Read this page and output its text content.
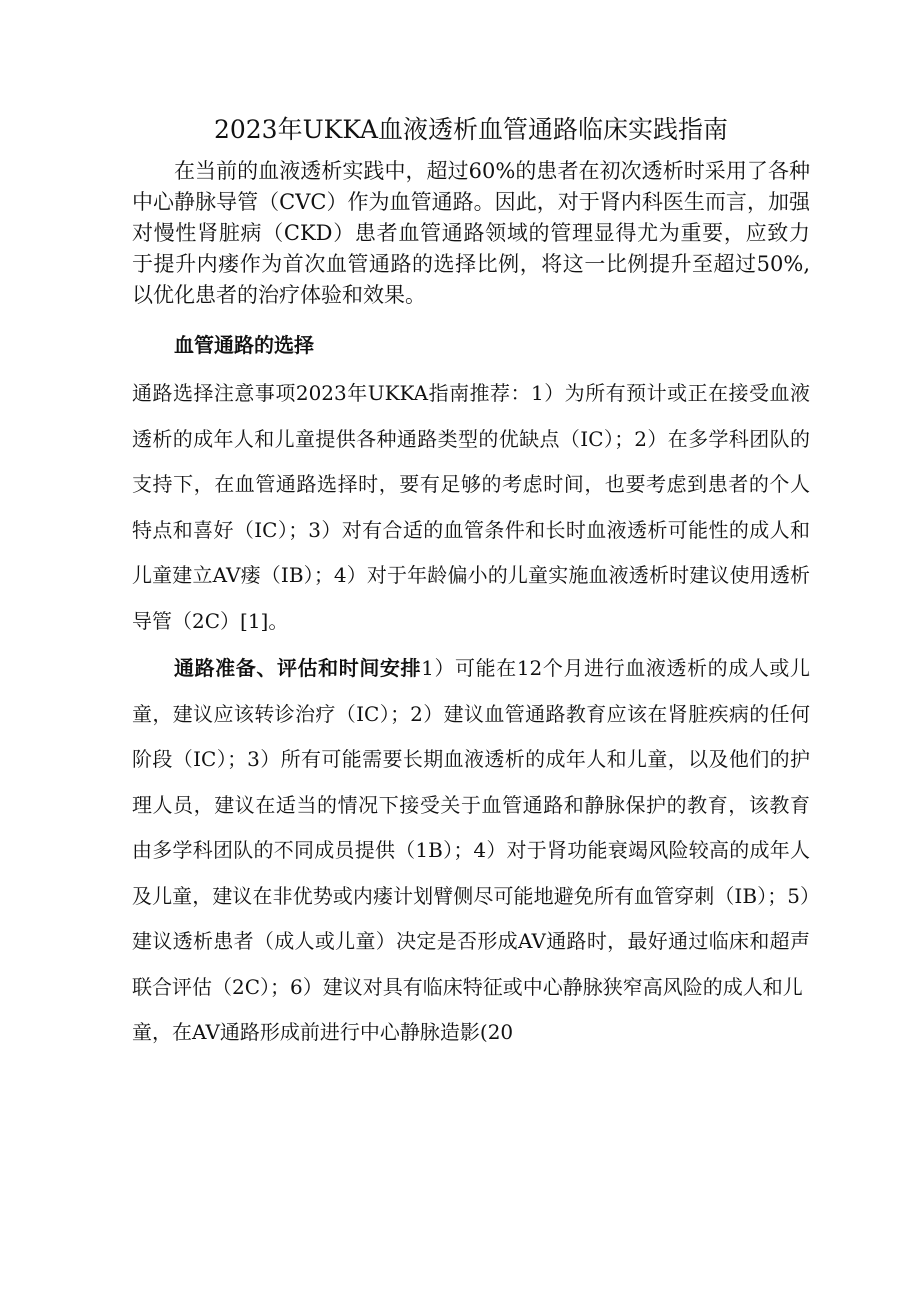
2023年UKKA血液透析血管通路临床实践指南

在当前的血液透析实践中，超过60%的患者在初次透析时采用了各种中心静脉导管（CVC）作为血管通路。因此，对于肾内科医生而言，加强对慢性肾脏病（CKD）患者血管通路领域的管理显得尤为重要，应致力于提升内瘘作为首次血管通路的选择比例，将这一比例提升至超过50%,以优化患者的治疗体验和效果。

血管通路的选择

通路选择注意事项2023年UKKA指南推荐：1）为所有预计或正在接受血液透析的成年人和儿童提供各种通路类型的优缺点（IC）；2）在多学科团队的支持下，在血管通路选择时，要有足够的考虑时间，也要考虑到患者的个人特点和喜好（IC）；3）对有合适的血管条件和长时血液透析可能性的成人和儿童建立AV瘘（IB）；4）对于年龄偏小的儿童实施血液透析时建议使用透析导管（2C）[1]。

通路准备、评估和时间安排1）可能在12个月进行血液透析的成人或儿童，建议应该转诊治疗（IC）；2）建议血管通路教育应该在肾脏疾病的任何阶段（IC）；3）所有可能需要长期血液透析的成年人和儿童，以及他们的护理人员，建议在适当的情况下接受关于血管通路和静脉保护的教育，该教育由多学科团队的不同成员提供（1B）；4）对于肾功能衰竭风险较高的成年人及儿童，建议在非优势或内瘘计划臂侧尽可能地避免所有血管穿刺（IB）；5）建议透析患者（成人或儿童）决定是否形成AV通路时，最好通过临床和超声联合评估（2C）；6）建议对具有临床特征或中心静脉狭窄高风险的成人和儿

童，在AV通路形成前进行中心静脉造影(20
